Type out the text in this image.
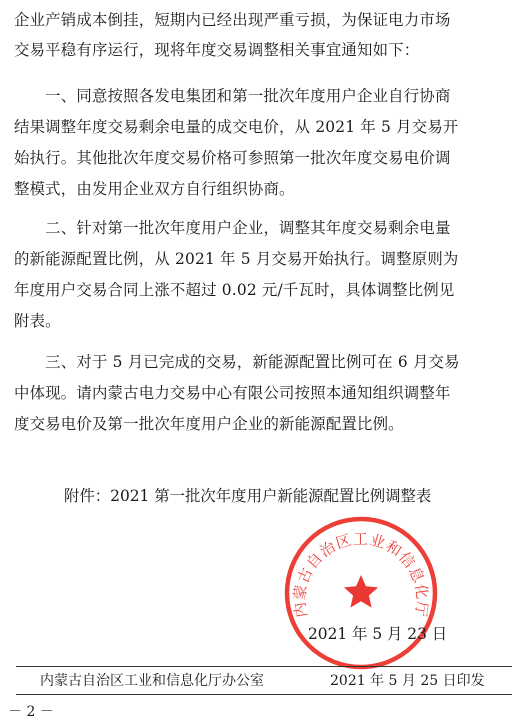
企业产销成本倒挂，短期内已经出现严重亏损，为保证电力市场
交易平稳有序运行，现将年度交易调整相关事宜通知如下：
　　一、同意按照各发电集团和第一批次年度用户企业自行协商
结果调整年度交易剩余电量的成交电价，从 2021 年 5 月交易开
始执行。其他批次年度交易价格可参照第一批次年度交易电价调
整模式，由发用企业双方自行组织协商。
　　二、针对第一批次年度用户企业，调整其年度交易剩余电量
的新能源配置比例，从 2021 年 5 月交易开始执行。调整原则为
年度用户交易合同上涨不超过 0.02 元/千瓦时，具体调整比例见
附表。
　　三、对于 5 月已完成的交易，新能源配置比例可在 6 月交易
中体现。请内蒙古电力交易中心有限公司按照本通知组织调整年
度交易电价及第一批次年度用户企业的新能源配置比例。
附件：2021 第一批次年度用户新能源配置比例调整表
内蒙古自治区工业和信息化厅
2021 年 5 月 23 日
内蒙古自治区工业和信息化厅办公室	2021 年 5 月 25 日印发
－ 2 －
